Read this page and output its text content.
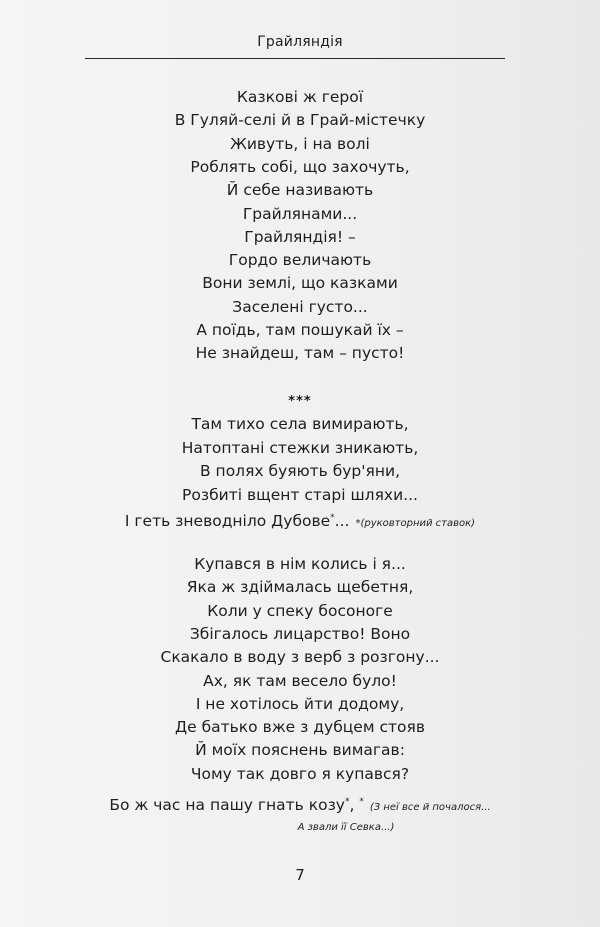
Грайляндія
Казкові ж герої
В Гуляй-селі й в Грай-містечку
Живуть, і на волі
Роблять собі, що захочуть,
Й себе називають
Грайлянами...
Грайляндія! –
Гордо величають
Вони землі, що казками
Заселені густо...
А поїдь, там пошукай їх –
Не знайдеш, там – пусто!
***
Там тихо села вимирають,
Натоптані стежки зникають,
В полях буяють бур'яни,
Розбиті вщент старі шляхи...
І геть зневодніло Дубове*... *(руковторний ставок)
Купався в нім колись і я...
Яка ж здіймалась щебетня,
Коли у спеку босоноге
Збігалось лицарство! Воно
Скакало в воду з верб з розгону...
Ах, як там весело було!
І не хотілось йти додому,
Де батько вже з дубцем стояв
Й моїх пояснень вимагав:
Чому так довго я купався?
Бо ж час на пашу гнать козу*, *(З неї все й почалося...
А звали її Севка...)
7
